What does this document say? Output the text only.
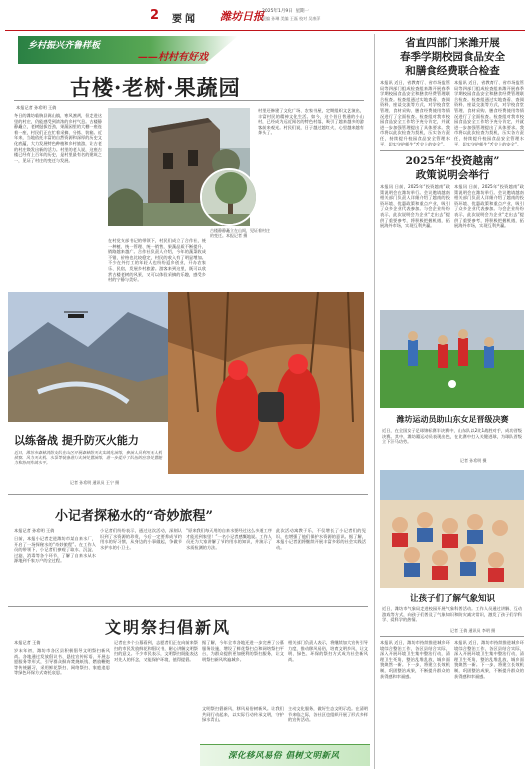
2 要闻 潍坊日报
2025年1月9日 星期一
责编 孙琳 美编 王磊 校对 吴康萍
乡村振兴齐鲁样板
——村村有好戏
古楼·老树·果蔬园
本报记者 孙希明 王倩
冬日的潍坊临朐县嵩山镇，寒风凛冽，但走进这里的村庄，仍能感受到浓浓的乡村气息。古楼静静矗立，老树挺拔苍劲，果蔬园里的大棚一座连着一座，村民们正在忙着采摘、分拣、装箱。近年来，当地依托丰富的自然资源和深厚的历史文化底蕴，大力发展特色种植和乡村旅游，让古老的村庄焕发出新的活力。村里的老人说，这座古楼已经有上百年的历史，是村里最有名的建筑之一，见证了村庄的变迁与发展。
古楼静静矗立在山间，见证着村庄的变迁。本报记者 摄
在村党支部书记的带领下，村民们成立了合作社，统一种植、统一管理、统一销售，果蔬品质不断提升，销路越来越广。合作社负责人介绍，今年的蔬菜收成不错，价格也比较稳定，村民的收入有了明显增加。不少在外打工的年轻人也纷纷返乡创业，开办农家乐、民宿，发展乡村旅游。游客来到这里，既可以欣赏古楼老树的风景，又可以体验采摘的乐趣，感受乡村的宁静与美好。
村里还修建了文化广场、农家书屋，定期组织文艺演出，丰富村民的精神文化生活。如今，这个昔日普通的小山村，已经成为远近闻名的特色村落，吸引了越来越多的游客前来观光。村民们说，日子越过越红火，心里越来越有奔头了。
以练备战 提升防灭火能力
近日，潍坊市森林消防支队在山区开展森林防灭火实战化演练，参演人员利用无人机侦察、风力灭火机、水泵等装备进行火情处置演练，进一步提升了队伍的应急处置能力和协同作战水平。
记者 孙希明 通讯员 王宁 摄
小记者探秘水的“奇妙旅程”
本报记者 孙希明 王倩
日前，本报小记者走进潍坊市某自来水厂，开启了一场探秘水的“奇妙旅程”。在工作人员的带领下，小记者们参观了取水、沉淀、过滤、消毒等各个环节，了解了自来水从水源地到千家万户的全过程。
小记者们纷纷表示，通过这次活动，深刻认识到了水资源的珍贵，今后一定要养成节约用水的好习惯，从身边的小事做起，争做节水护水的小卫士。
“原来我们每天用的自来水要经过这么多道工序才能送到家里！”一名小记者感慨地说。工作人员还为大家讲解了节约用水的知识，并演示了水质检测的方法。
此次活动寓教于乐，不仅增长了小记者们的见识，也增强了他们保护水资源的意识。据了解，本报小记者团将继续开展丰富多彩的社会实践活动。
文明祭扫倡新风
本报记者 王倩
岁末年初，潍坊市各区县积极倡导文明祭扫新风尚。各地通过发放倡议书、悬挂宣传标语、开展志愿服务等形式，引导群众摒弃焚烧纸钱、燃放鞭炮等传统陋习，采用鲜花祭扫、网络祭扫、家庭追思等绿色环保方式寄托哀思。
记者在多个公墓看到，志愿者们正在向前来祭扫的市民发放鲜花和倡议书，耐心讲解文明祭扫的意义。不少市民表示，文明祭扫既能表达对先人的怀念，又能保护环境，值得提倡。
据了解，今年全市各地还进一步完善了公墓服务设施，增设了鲜花祭扫点和网络祭扫平台，为群众提供更加便利的祭扫服务，让文明祭扫新风吹遍城乡。
相关部门负责人表示，将继续加大宣传引导力度，推动移风易俗，培育文明乡风，让文明、绿色、环保的祭扫方式成为社会新风尚。
文明祭扫倡新风，移风易俗树新风。让我们共同行动起来，以实际行动传承文明，守护绿水青山。
主动文化服务，做好生态文明示范。在清明节来临之际，各社区也组织开展了形式多样的宣传活动。
深化移风易俗 倡树文明新风
省直四部门来潍开展
春季学期校园食品安全
和膳食经费联合检查
本报讯 近日，省教育厅、省市场监管局等四部门组成检查组来潍开展春季学期校园食品安全和膳食经费管理联合检查。检查组通过实地查看、查阅资料、座谈交流等方式，对学校食堂管理、食材采购、膳食经费使用等情况进行了全面检查。检查组对我市校园食品安全工作给予充分肯定，并就进一步加强管理提出了具体要求。我市将以此次检查为契机，压实各方责任，持续提升校园食品安全管理水平，切实守护师生“舌尖上的安全”。
本报讯 近日，省教育厅、省市场监管局等四部门组成检查组来潍开展春季学期校园食品安全和膳食经费管理联合检查。检查组通过实地查看、查阅资料、座谈交流等方式，对学校食堂管理、食材采购、膳食经费使用等情况进行了全面检查。检查组对我市校园食品安全工作给予充分肯定，并就进一步加强管理提出了具体要求。我市将以此次检查为契机，压实各方责任，持续提升校园食品安全管理水平，切实守护师生“舌尖上的安全”。
2025年“投资越南”
政策说明会举行
本报讯 日前，2025年“投资越南”政策说明会在潍坊举行。会议邀请越南相关部门负责人详细介绍了越南的投资环境、优惠政策和重点产业，吸引了众多企业代表参加。与会企业纷纷表示，此次说明会为企业“走出去”提供了重要参考，将积极把握机遇，拓展海外市场，实现互利共赢。
本报讯 日前，2025年“投资越南”政策说明会在潍坊举行。会议邀请越南相关部门负责人详细介绍了越南的投资环境、优惠政策和重点产业，吸引了众多企业代表参加。与会企业纷纷表示，此次说明会为企业“走出去”提供了重要参考，将积极把握机遇，拓展海外市场，实现互利共赢。
潍坊运动员助山东女足晋级决赛
近日，在全国女子足球锦标赛半决赛中，山东队以2比1战胜对手，成功晋级决赛。其中，潍坊籍运动员表现出色，在比赛中打入关键进球，为球队晋级立下汗马功劳。
记者 孙希明 摄
让孩子们了解气象知识
近日，潍坊市气象局走进校园开展气象科普活动。工作人员通过讲解、互动游戏等方式，向孩子们普及了气象知识和防灾减灾常识，激发了孩子们学科学、爱科学的热情。
记者 王倩 通讯员 李明 摄
本报讯 近日，潍坊市持续推进城乡环境综合整治工作，各区县结合实际，深入开展环境卫生集中整治行动，清理卫生死角，整治乱堆乱放，城乡面貌焕然一新。下一步，将建立长效机制，巩固整治成果，不断提升群众的获得感和幸福感。
本报讯 近日，潍坊市持续推进城乡环境综合整治工作，各区县结合实际，深入开展环境卫生集中整治行动，清理卫生死角，整治乱堆乱放，城乡面貌焕然一新。下一步，将建立长效机制，巩固整治成果，不断提升群众的获得感和幸福感。
